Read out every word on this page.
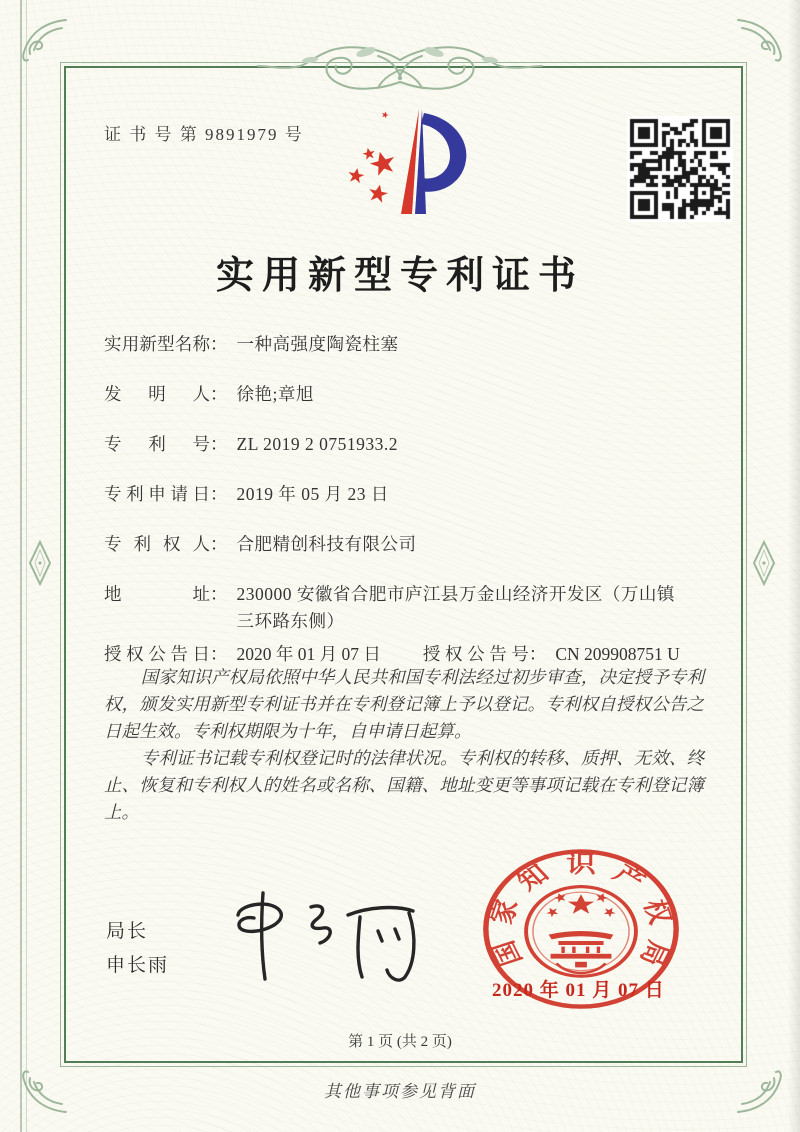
证 书 号 第 9891979 号
实用新型专利证书
实用新型名称 ： 一种高强度陶瓷柱塞
发明人 ： 徐艳;章旭
专利号 ： ZL 2019 2 0751933.2
专利申请日 ： 2019 年 05 月 23 日
专利权人 ： 合肥精创科技有限公司
地址 ： 230000 安徽省合肥市庐江县万金山经济开发区（万山镇三环路东侧）
授权公告日 ： 2020 年 01 月 07 日 授权公告号 ： CN 209908751 U

国家知识产权局依照中华人民共和国专利法经过初步审查，决定授予专利权，颁发实用新型专利证书并在专利登记簿上予以登记。专利权自授权公告之日起生效。专利权期限为十年，自申请日起算。

专利证书记载专利权登记时的法律状况。专利权的转移、质押、无效、终止、恢复和专利权人的姓名或名称、国籍、地址变更等事项记载在专利登记簿上。

局长
申长雨	国
家
知 识 产
权
局
2020 年 01 月 07 日
第 1 页 (共 2 页)
其他事项参见背面
